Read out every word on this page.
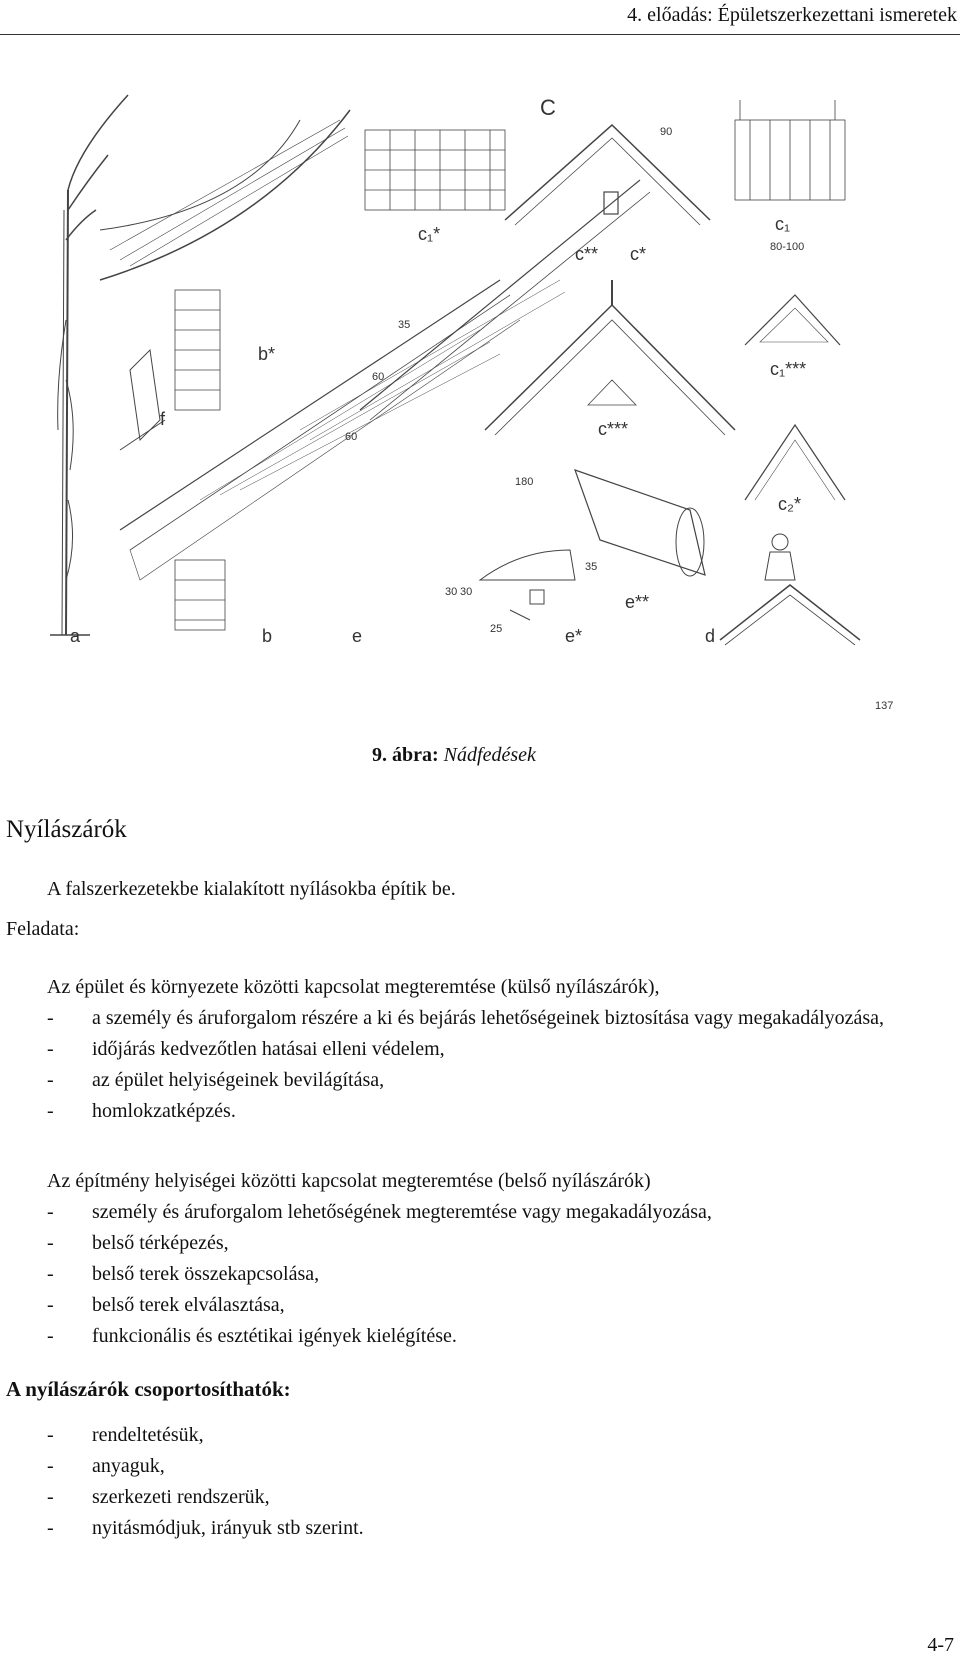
4. előadás: Épületszerkezettani ismeretek
a	b	e	e*	d
e**
b*
f
C
c₁*
c** c*
c***
c₁
c₁***
c₂*
90
35
60
60
180
35
30 30
25
80-100
137
9. ábra: Nádfedések
Nyílászárók
A falszerkezetekbe kialakított nyílásokba építik be.
Feladata:

Az épület és környezete közötti kapcsolat megteremtése (külső nyílászárók),

- a személy és áruforgalom részére a ki és bejárás lehetőségeinek biztosítása vagy megakadályozása,
- időjárás kedvezőtlen hatásai elleni védelem,
- az épület helyiségeinek bevilágítása,
- homlokzatképzés.

Az építmény helyiségei közötti kapcsolat megteremtése (belső nyílászárók)

- személy és áruforgalom lehetőségének megteremtése vagy megakadályozása,
- belső térképezés,
- belső terek összekapcsolása,
- belső terek elválasztása,
- funkcionális és esztétikai igények kielégítése.
A nyílászárók csoportosíthatók:
- rendeltetésük,
- anyaguk,
- szerkezeti rendszerük,
- nyitásmódjuk, irányuk stb szerint.
4-7
